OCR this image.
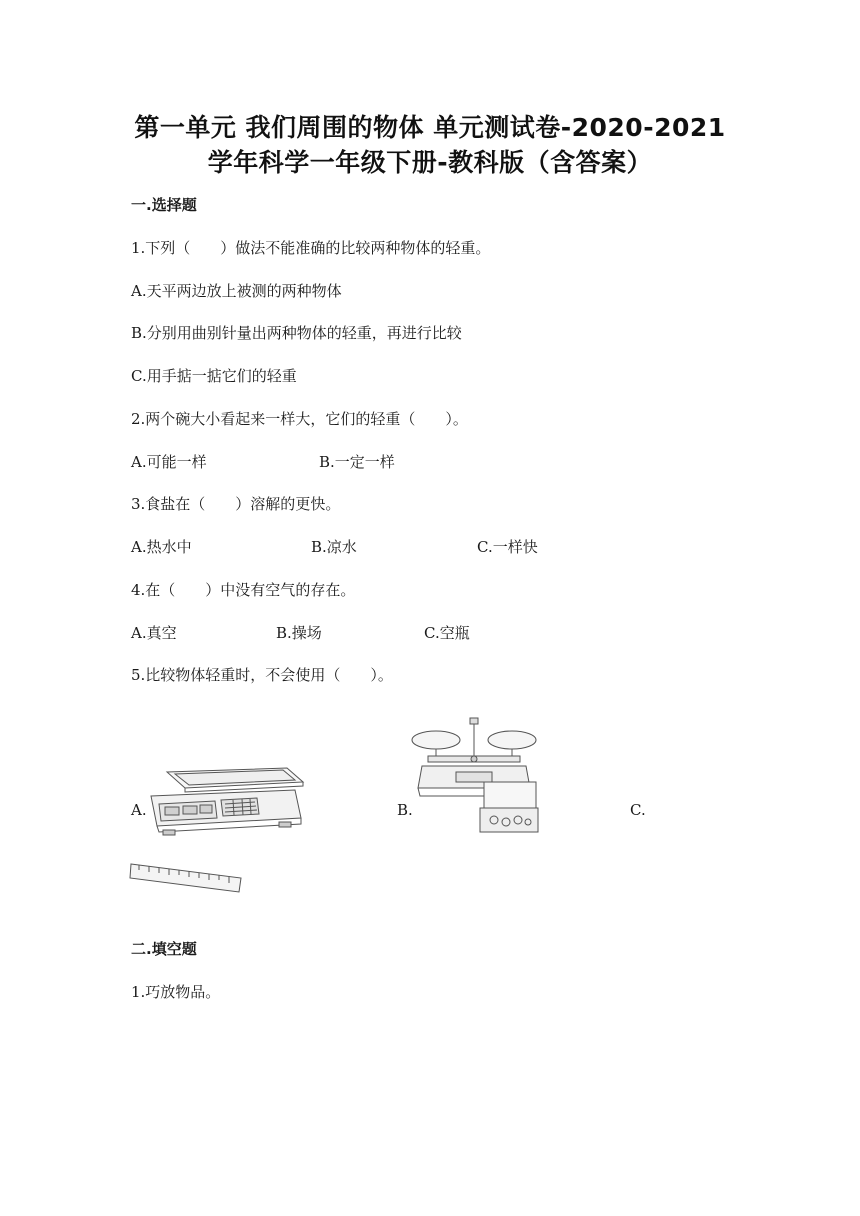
第一单元 我们周围的物体 单元测试卷-2020-2021
学年科学一年级下册-教科版（含答案）
一.选择题
1.下列（　　）做法不能准确的比较两种物体的轻重。
A.天平两边放上被测的两种物体
B.分别用曲别针量出两种物体的轻重，再进行比较
C.用手掂一掂它们的轻重
2.两个碗大小看起来一样大，它们的轻重（　　）。
A.可能一样	B.一定一样
3.食盐在（　　）溶解的更快。
A.热水中	B.凉水	C.一样快
4.在（　　）中没有空气的存在。
A.真空	B.操场	C.空瓶
5.比较物体轻重时，不会使用（　　）。
A.	B.	C.
二.填空题
1.巧放物品。
